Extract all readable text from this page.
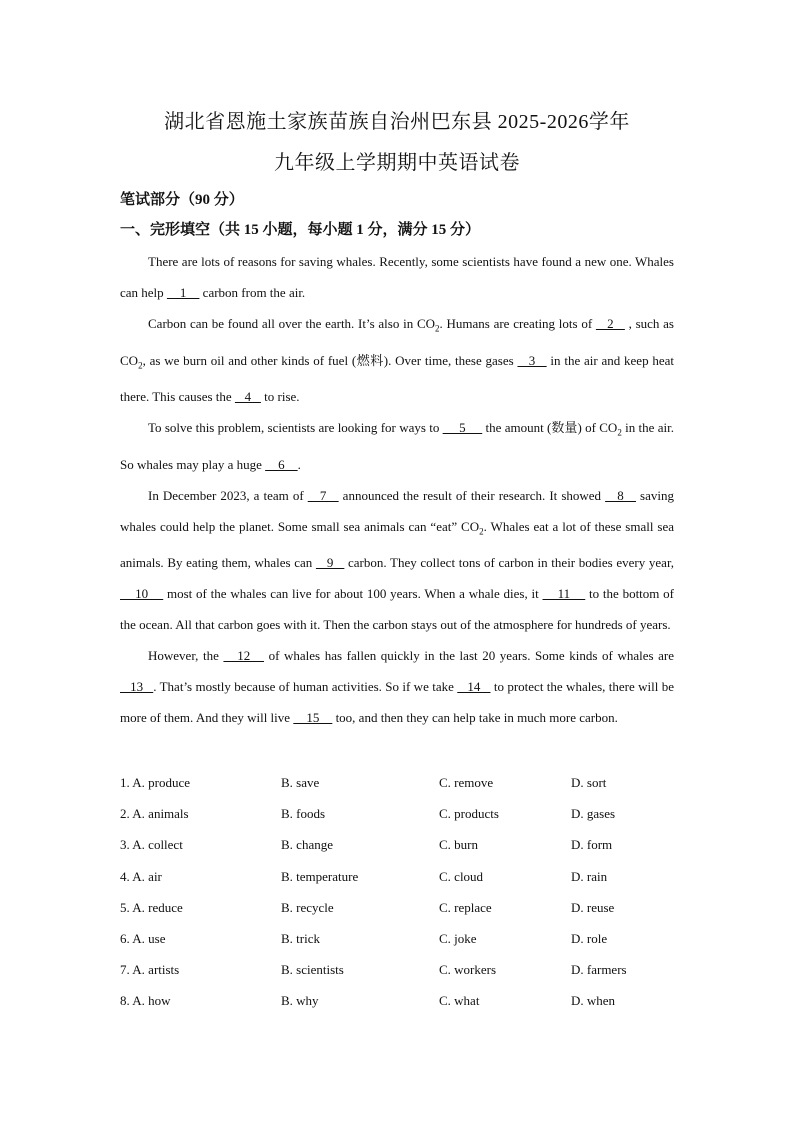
湖北省恩施土家族苗族自治州巴东县 2025-2026学年
九年级上学期期中英语试卷
笔试部分（90 分）
一、完形填空（共 15 小题，每小题 1 分，满分 15 分）

There are lots of reasons for saving whales. Recently, some scientists have found a new one. Whales can help     1     carbon from the air.

Carbon can be found all over the earth. It’s also in $CO_2$. Humans are creating lots of    2    , such as $CO_2$, as we burn oil and other kinds of fuel (燃料). Over time, these gases    3    in the air and keep heat there. This causes the    4    to rise.

To solve this problem, scientists are looking for ways to      5      the amount (数量) of $CO_2$ in the air. So whales may play a huge     6    .

In December 2023, a team of    7    announced the result of their research. It showed    8    saving whales could help the planet. Some small sea animals can “eat” $CO_2$. Whales eat a lot of these small sea animals. By eating them, whales can    9    carbon. They collect tons of carbon in their bodies every year,     10     most of the whales can live for about 100 years. When a whale dies, it     11     to the bottom of the ocean. All that carbon goes with it. Then the carbon stays out of the atmosphere for hundreds of years.

However, the    12    of whales has fallen quickly in the last 20 years. Some kinds of whales are    13   . That’s mostly because of human activities. So if we take    14    to protect the whales, there will be more of them. And they will live     15     too, and then they can help take in much more carbon.

1. A. produce	B. save	C. remove	D. sort
2. A. animals	B. foods	C. products	D. gases
3. A. collect	B. change	C. burn	D. form
4. A. air	B. temperature	C. cloud	D. rain
5. A. reduce	B. recycle	C. replace	D. reuse
6. A. use	B. trick	C. joke	D. role
7. A. artists	B. scientists	C. workers	D. farmers
8. A. how	B. why	C. what	D. when
